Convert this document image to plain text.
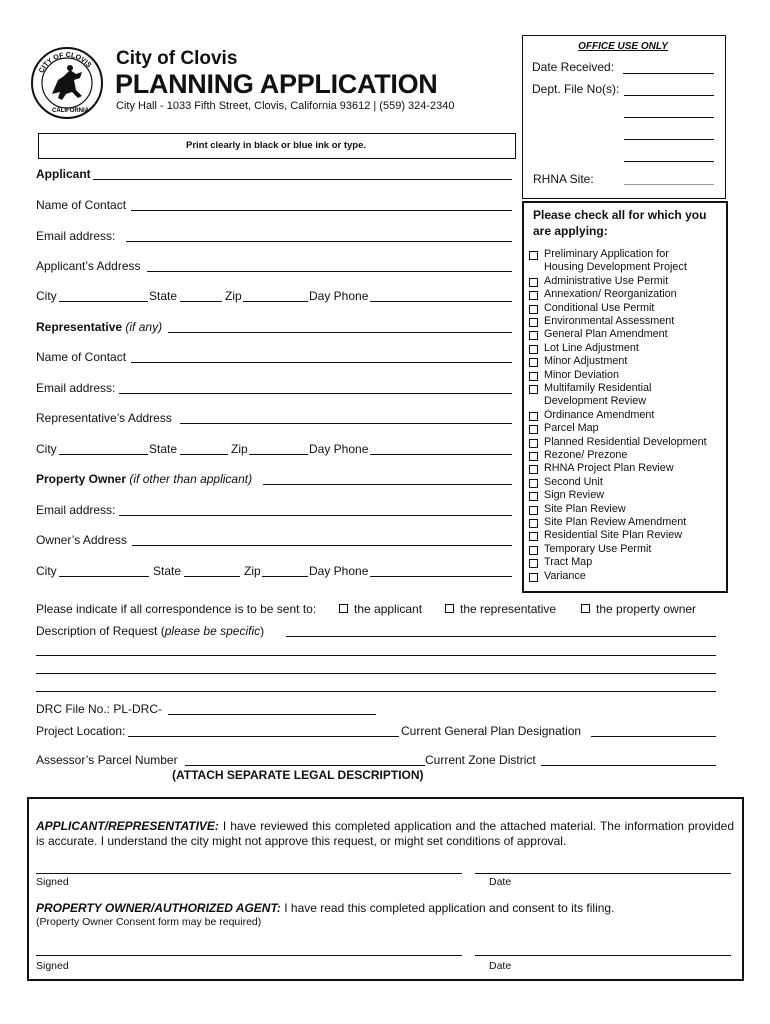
CITY OF CLOVIS
CALIFORNIA
City of Clovis
PLANNING APPLICATION
City Hall - 1033 Fifth Street, Clovis, California 93612 | (559) 324-2340
Print clearly in black or blue ink or type.
OFFICE USE ONLY
Date Received:
Dept. File No(s):
RHNA Site:
Please check all for which you are applying:
Preliminary Application for
Housing Development Project
Administrative Use Permit
Annexation/ Reorganization
Conditional Use Permit
Environmental Assessment
General Plan Amendment
Lot Line Adjustment
Minor Adjustment
Minor Deviation
Multifamily Residential
Development Review
Ordinance Amendment
Parcel Map
Planned Residential Development
Rezone/ Prezone
RHNA Project Plan Review
Second Unit
Sign Review
Site Plan Review
Site Plan Review Amendment
Residential Site Plan Review
Temporary Use Permit
Tract Map
Variance
Applicant
Name of Contact
Email address:
Applicant’s Address
City	State	Zip	Day Phone
Representative (if any)
Name of Contact
Email address:
Representative’s Address
City	State	Zip	Day Phone
Property Owner (if other than applicant)
Email address:
Owner’s Address
City	State	Zip	Day Phone
Please indicate if all correspondence is to be sent to:	the applicant	the representative	the property owner
Description of Request (please be specific)
DRC File No.: PL-DRC-
Project Location:	Current General Plan Designation
Assessor’s Parcel Number	Current Zone District
(ATTACH SEPARATE LEGAL DESCRIPTION)
APPLICANT/REPRESENTATIVE: I have reviewed this completed application and the attached material. The information provided is accurate. I understand the city might not approve this request, or might set conditions of approval.
Signed	Date
PROPERTY OWNER/AUTHORIZED AGENT: I have read this completed application and consent to its filing.
(Property Owner Consent form may be required)
Signed	Date
